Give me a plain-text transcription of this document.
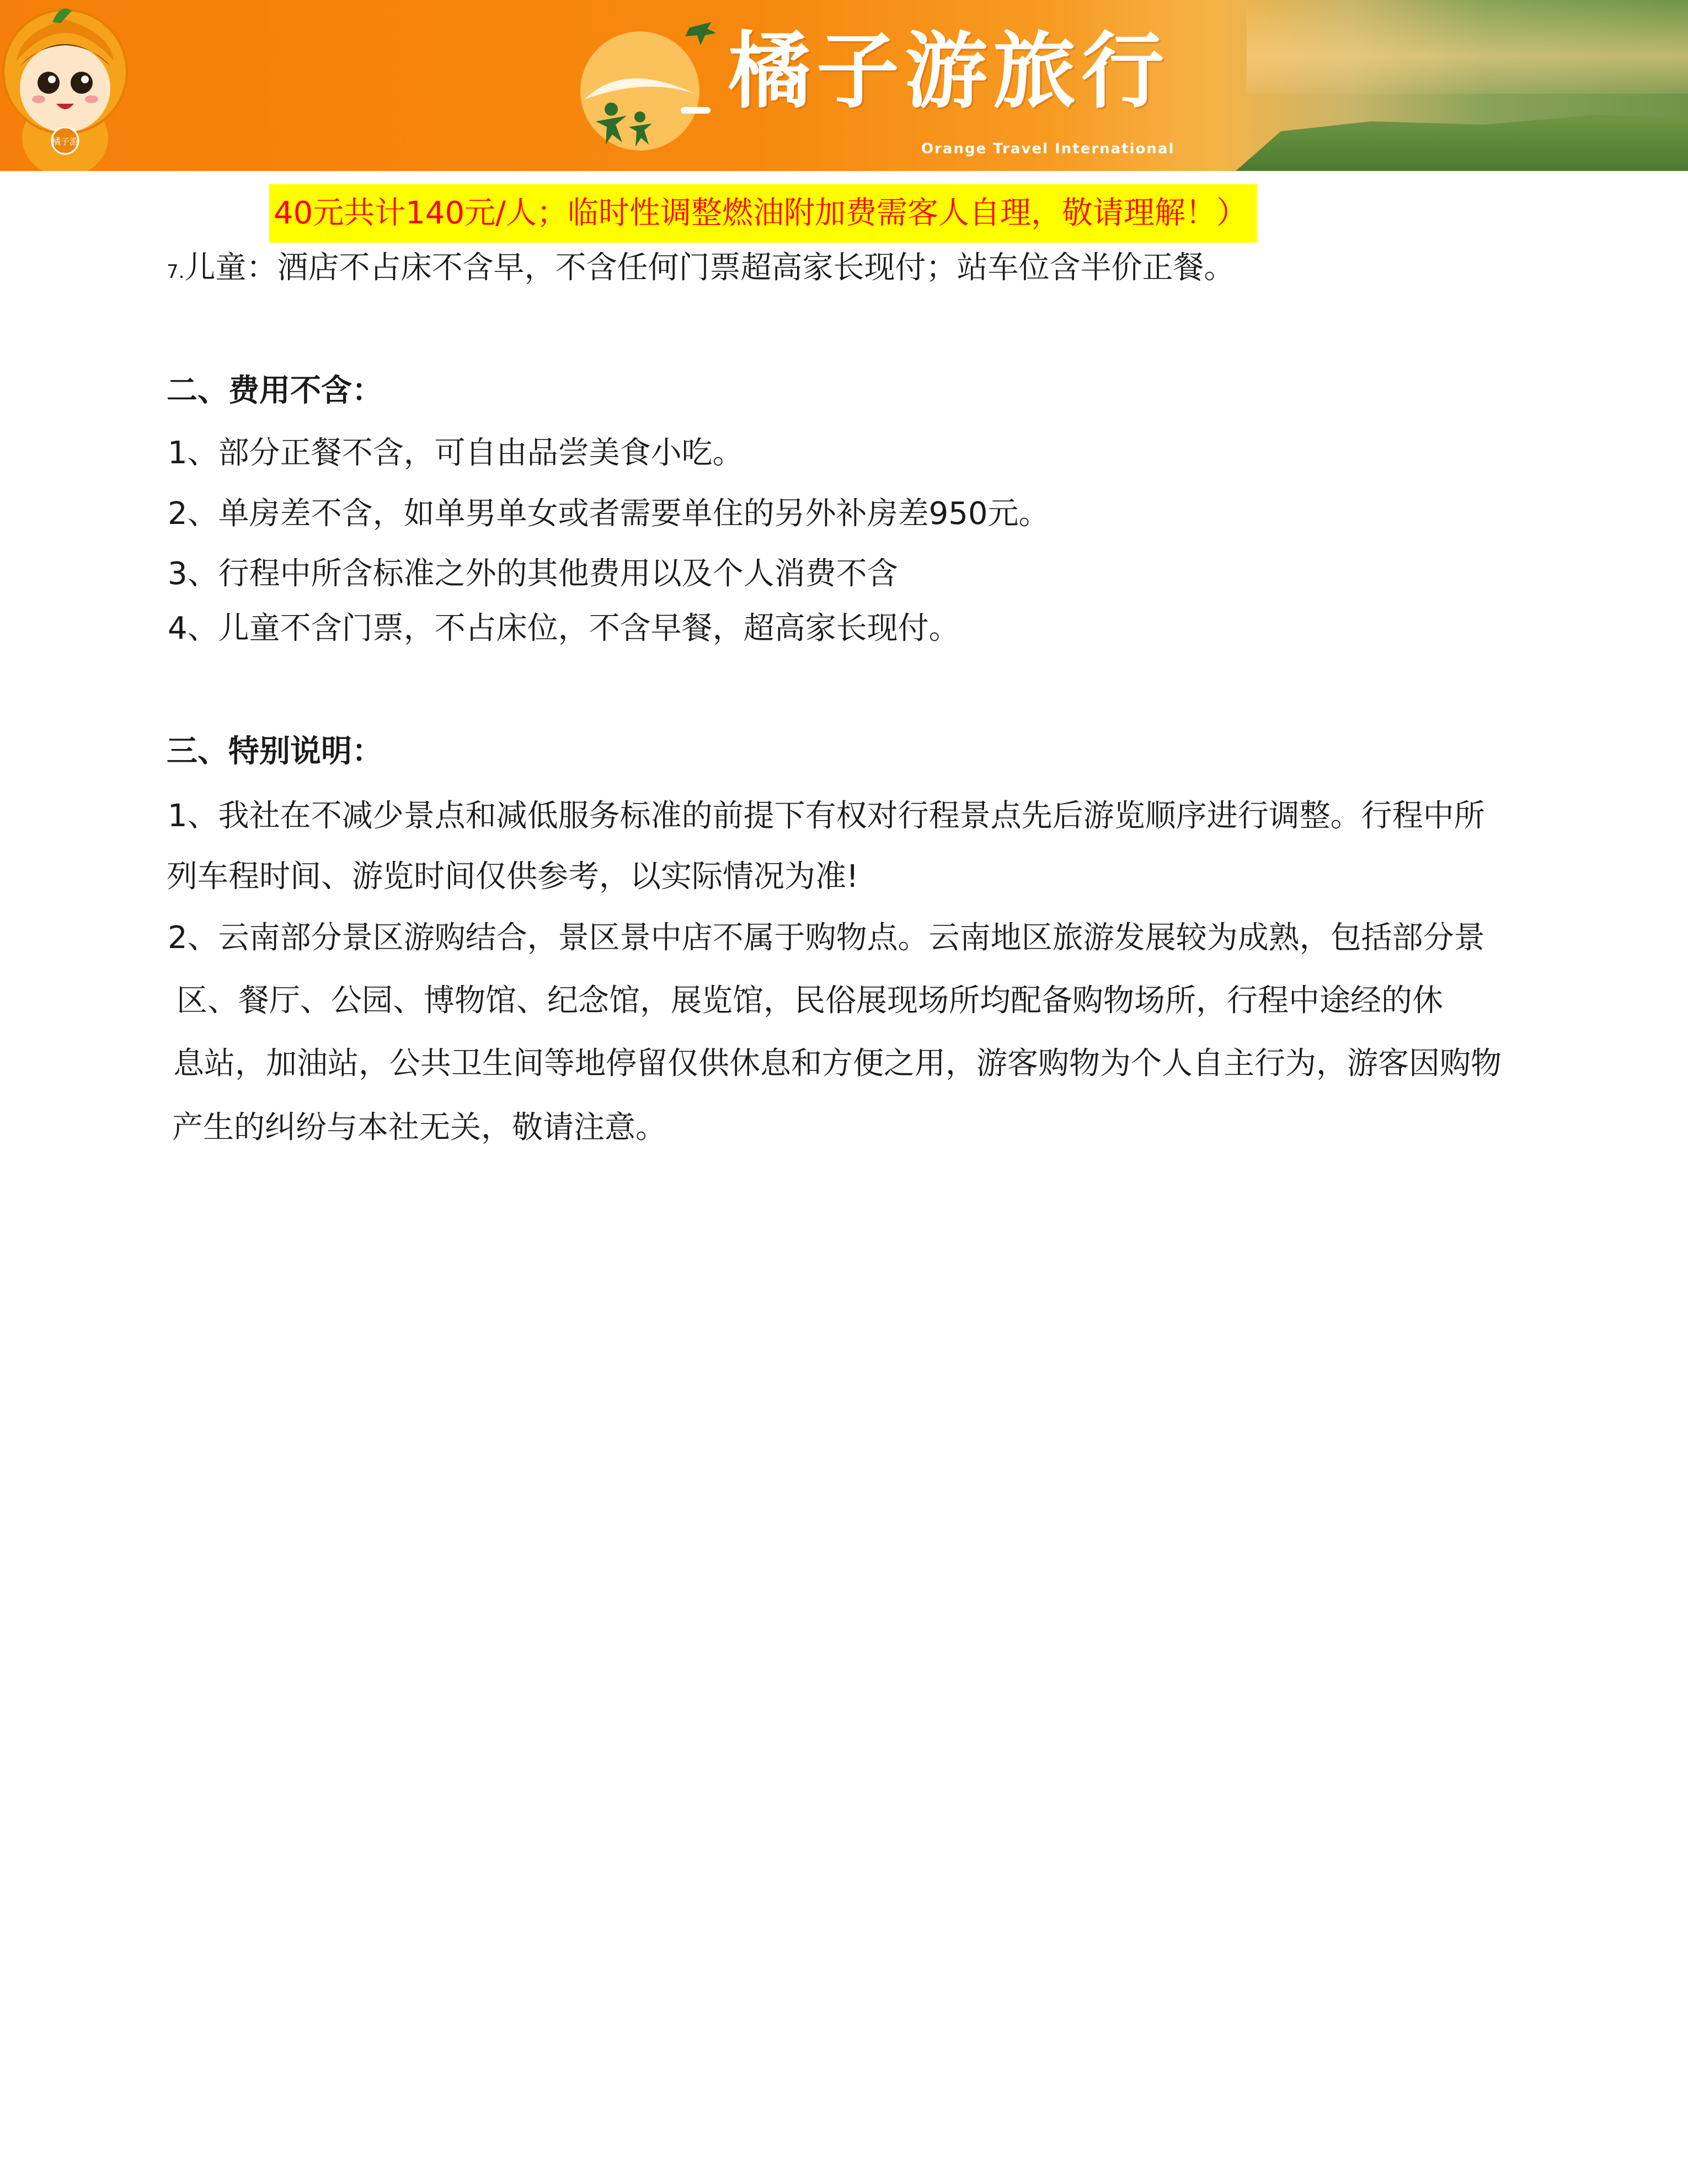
橘子游
橘子游旅行
Orange Travel International
40元共计140元/人；临时性调整燃油附加费需客人自理，敬请理解！）
7.儿童：酒店不占床不含早，不含任何门票超高家长现付；站车位含半价正餐。
二、费用不含：
1、部分正餐不含，可自由品尝美食小吃。
2、单房差不含，如单男单女或者需要单住的另外补房差950元。
3、行程中所含标准之外的其他费用以及个人消费不含
4、儿童不含门票，不占床位，不含早餐，超高家长现付。
三、特别说明：
1、我社在不减少景点和减低服务标准的前提下有权对行程景点先后游览顺序进行调整。行程中所
列车程时间、游览时间仅供参考，以实际情况为准!
2、云南部分景区游购结合，景区景中店不属于购物点。云南地区旅游发展较为成熟，包括部分景
区、餐厅、公园、博物馆、纪念馆，展览馆，民俗展现场所均配备购物场所，行程中途经的休
息站，加油站，公共卫生间等地停留仅供休息和方便之用，游客购物为个人自主行为，游客因购物
产生的纠纷与本社无关，敬请注意。
